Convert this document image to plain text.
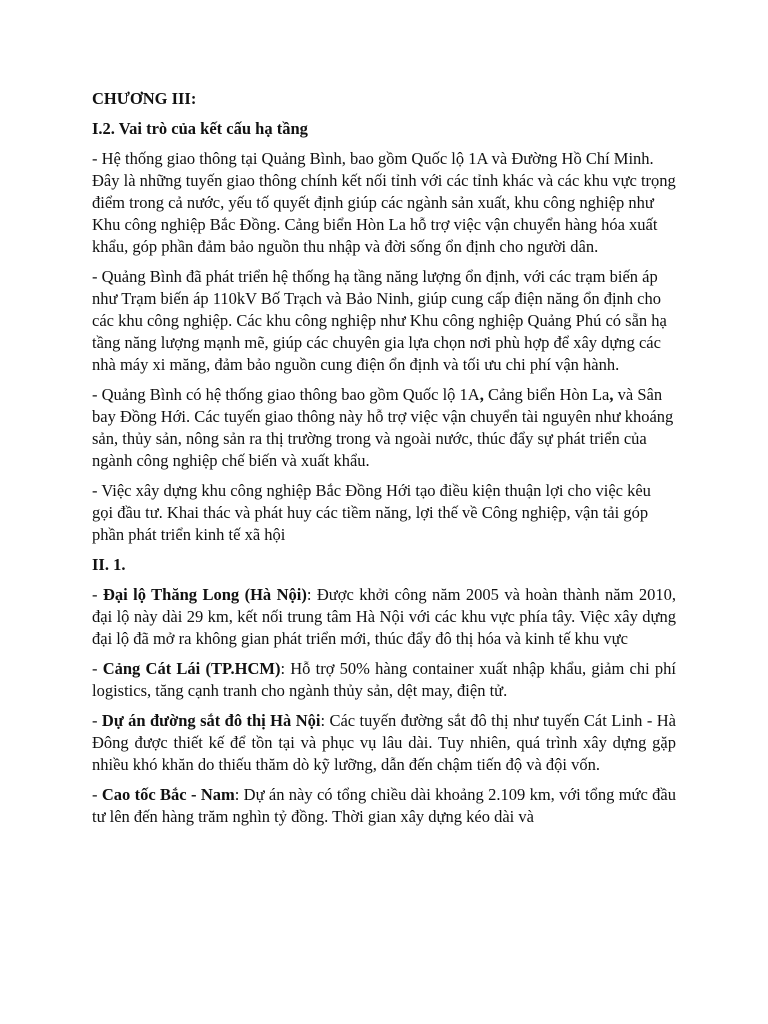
CHƯƠNG III:

I.2. Vai trò của kết cấu hạ tầng

- Hệ thống giao thông tại Quảng Bình, bao gồm Quốc lộ 1A và Đường Hồ Chí Minh. Đây là những tuyến giao thông chính kết nối tỉnh với các tỉnh khác và các khu vực trọng điểm trong cả nước, yếu tố quyết định giúp các ngành sản xuất, khu công nghiệp như Khu công nghiệp Bắc Đồng. Cảng biển Hòn La hỗ trợ việc vận chuyển hàng hóa xuất khẩu, góp phần đảm bảo nguồn thu nhập và đời sống ổn định cho người dân.

- Quảng Bình đã phát triển hệ thống hạ tầng năng lượng ổn định, với các trạm biến áp như Trạm biến áp 110kV Bố Trạch và Bảo Ninh, giúp cung cấp điện năng ổn định cho các khu công nghiệp. Các khu công nghiệp như Khu công nghiệp Quảng Phú có sẵn hạ tầng năng lượng mạnh mẽ, giúp các chuyên gia lựa chọn nơi phù hợp để xây dựng các nhà máy xi măng, đảm bảo nguồn cung điện ổn định và tối ưu chi phí vận hành.

- Quảng Bình có hệ thống giao thông bao gồm Quốc lộ 1A, Cảng biển Hòn La, và Sân bay Đồng Hới. Các tuyến giao thông này hỗ trợ việc vận chuyển tài nguyên như khoáng sản, thủy sản, nông sản ra thị trường trong và ngoài nước, thúc đẩy sự phát triển của ngành công nghiệp chế biến và xuất khẩu.

- Việc xây dựng khu công nghiệp Bắc Đồng Hới tạo điều kiện thuận lợi cho việc kêu gọi đầu tư. Khai thác và phát huy các tiềm năng, lợi thế về Công nghiệp, vận tải góp phần phát triển kinh tế xã hội

II. 1.

- Đại lộ Thăng Long (Hà Nội): Được khởi công năm 2005 và hoàn thành năm 2010, đại lộ này dài 29 km, kết nối trung tâm Hà Nội với các khu vực phía tây. Việc xây dựng đại lộ đã mở ra không gian phát triển mới, thúc đẩy đô thị hóa và kinh tế khu vực

- Cảng Cát Lái (TP.HCM): Hỗ trợ 50% hàng container xuất nhập khẩu, giảm chi phí logistics, tăng cạnh tranh cho ngành thủy sản, dệt may, điện tử.

- Dự án đường sắt đô thị Hà Nội: Các tuyến đường sắt đô thị như tuyến Cát Linh - Hà Đông được thiết kế để tồn tại và phục vụ lâu dài. Tuy nhiên, quá trình xây dựng gặp nhiều khó khăn do thiếu thăm dò kỹ lưỡng, dẫn đến chậm tiến độ và đội vốn.

- Cao tốc Bắc - Nam: Dự án này có tổng chiều dài khoảng 2.109 km, với tổng mức đầu tư lên đến hàng trăm nghìn tỷ đồng. Thời gian xây dựng kéo dài và
